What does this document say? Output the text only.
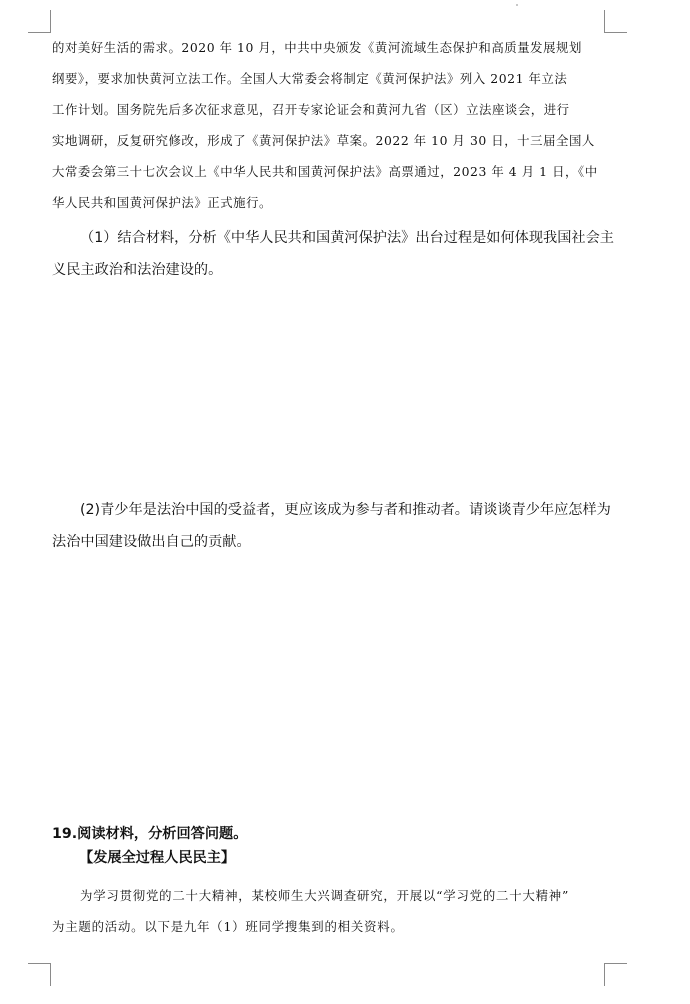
的对美好生活的需求。2020 年 10 月，中共中央颁发《黄河流域生态保护和高质量发展规划
纲要》，要求加快黄河立法工作。全国人大常委会将制定《黄河保护法》列入 2021 年立法
工作计划。国务院先后多次征求意见，召开专家论证会和黄河九省（区）立法座谈会，进行
实地调研，反复研究修改，形成了《黄河保护法》草案。2022 年 10 月 30 日，十三届全国人
大常委会第三十七次会议上《中华人民共和国黄河保护法》高票通过，2023 年 4 月 1 日，《中
华人民共和国黄河保护法》正式施行。
（1）结合材料，分析《中华人民共和国黄河保护法》出台过程是如何体现我国社会主
义民主政治和法治建设的。
(2)青少年是法治中国的受益者，更应该成为参与者和推动者。请谈谈青少年应怎样为
法治中国建设做出自己的贡献。
19.阅读材料，分析回答问题。
【发展全过程人民民主】
为学习贯彻党的二十大精神，某校师生大兴调查研究，开展以“学习党的二十大精神”
为主题的活动。以下是九年（1）班同学搜集到的相关资料。
